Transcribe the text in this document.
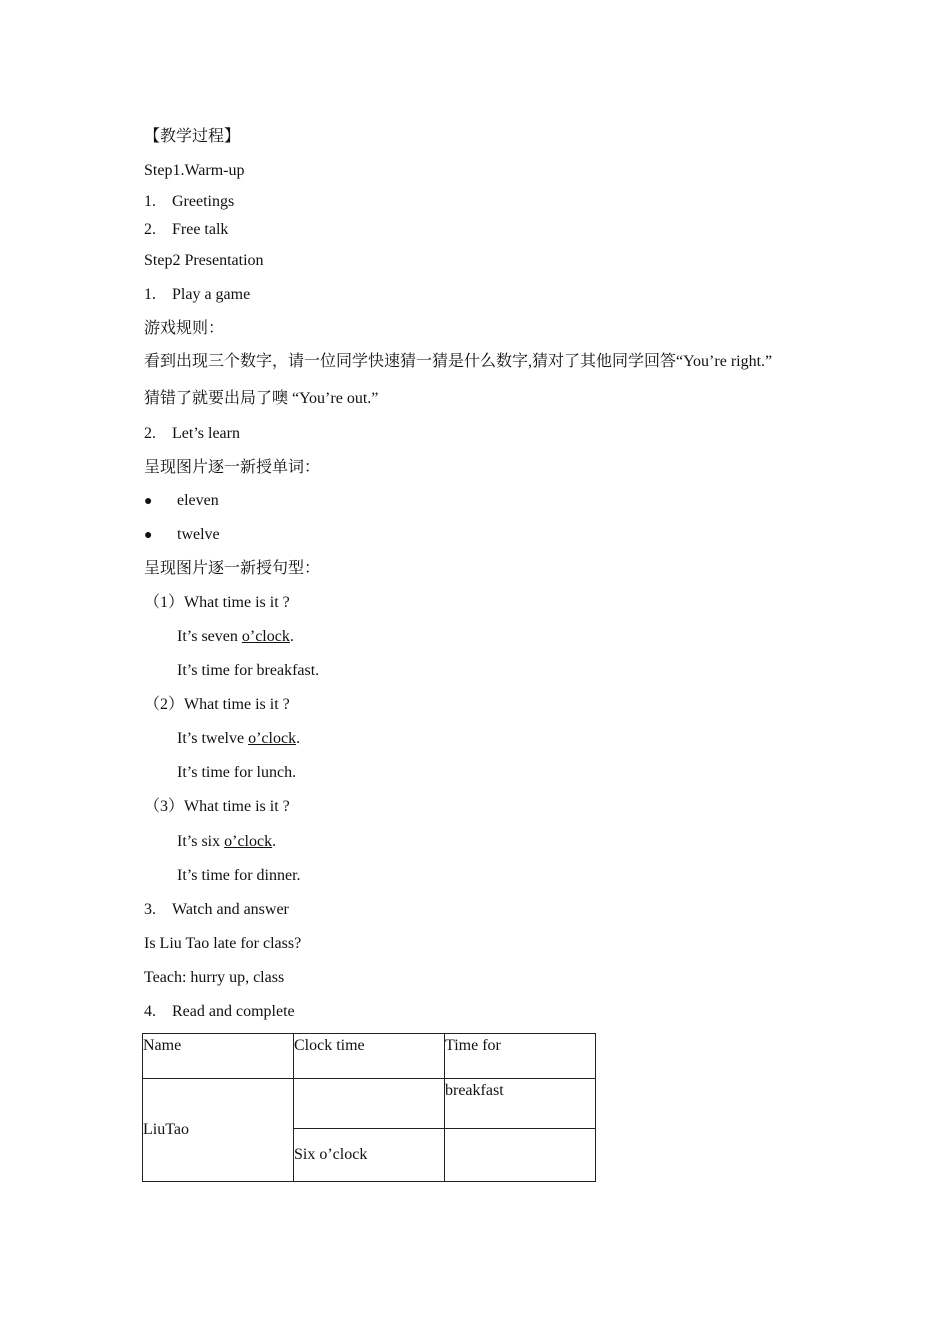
【教学过程】
Step1.Warm-up
1. Greetings
2. Free talk
Step2 Presentation
1. Play a game
游戏规则：
看到出现三个数字，请一位同学快速猜一猜是什么数字,猜对了其他同学回答“You’re right.”
猜错了就要出局了噢 “You’re out.”
2. Let’s learn
呈现图片逐一新授单词：
● eleven
● twelve
呈现图片逐一新授句型：
（1）What time is it ?
It’s seven o’clock.
It’s time for breakfast.
（2）What time is it ?
It’s twelve o’clock.
It’s time for lunch.
（3）What time is it ?
It’s six o’clock.
It’s time for dinner.
3. Watch and answer
Is Liu Tao late for class?
Teach: hurry up, class
4. Read and complete
Name	Clock time	Time for
LiuTao		breakfast
	Six o’clock	
